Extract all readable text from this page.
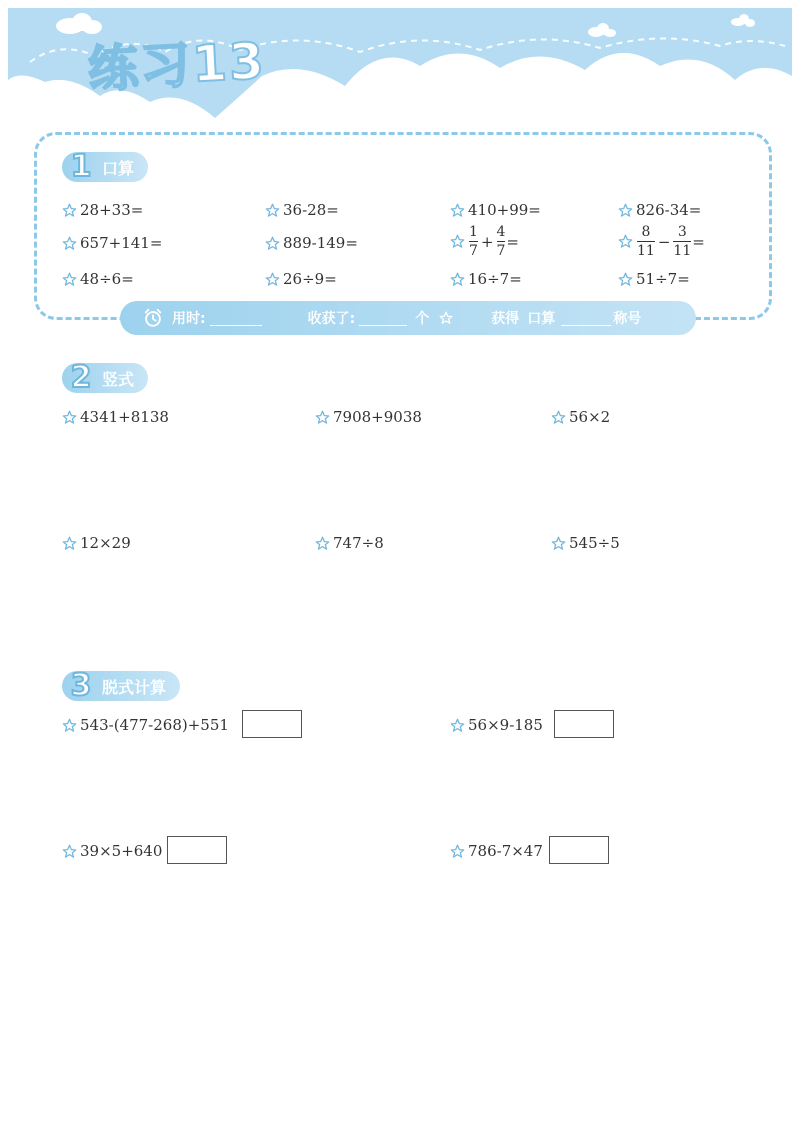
练习13
1 口算
28+33=	36-28=	410+99=	826-34=
657+141=	889-149=	$\frac{1}{7} + \frac{4}{7}$ =	$\frac{8}{11} - \frac{3}{11}$ =
48÷6=	26÷9=	16÷7=	51÷7=
用时:	收获了:	个	获得 口算	称号
2 竖式
4341+8138	7908+9038	56×2
12×29	747÷8	545÷5
3 脱式计算
543-(477-268)+551	56×9-185
39×5+640	786-7×47
